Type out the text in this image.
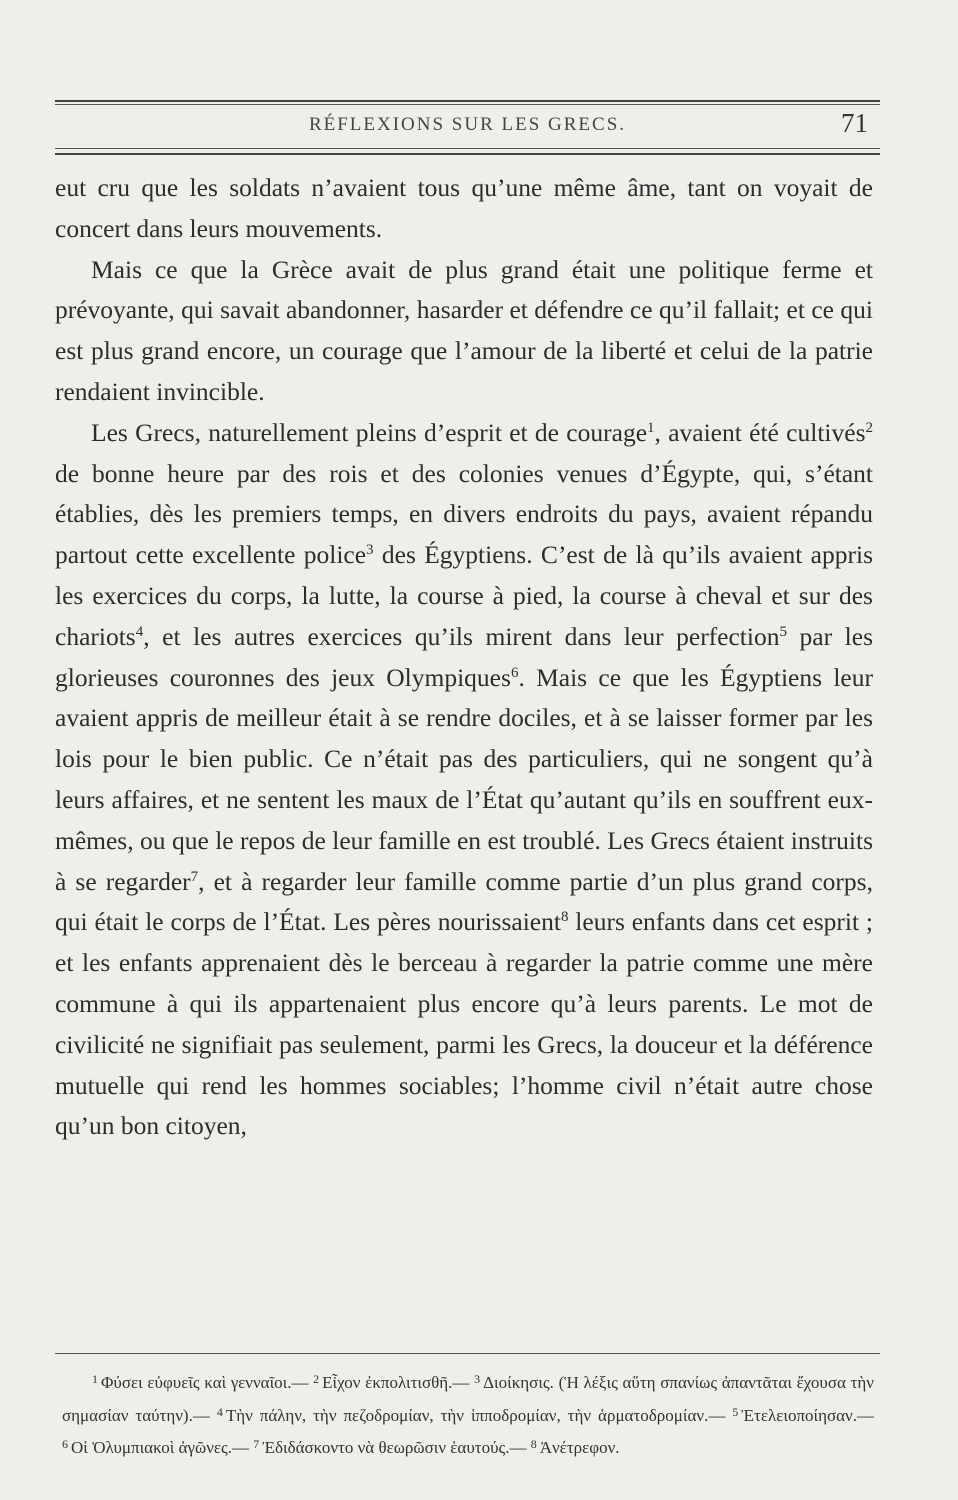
RÉFLEXIONS SUR LES GRECS.	71

eut cru que les soldats n’avaient tous qu’une même âme, tant on voyait de concert dans leurs mouvements.

Mais ce que la Grèce avait de plus grand était une politique ferme et prévoyante, qui savait abandonner, hasarder et défendre ce qu’il fallait; et ce qui est plus grand encore, un courage que l’amour de la liberté et celui de la patrie rendaient invincible.

Les Grecs, naturellement pleins d’esprit et de courage$^1$, avaient été cultivés$^2$ de bonne heure par des rois et des colonies venues d’Égypte, qui, s’étant établies, dès les premiers temps, en divers endroits du pays, avaient répandu partout cette excellente police$^3$ des Égyptiens. C’est de là qu’ils avaient appris les exercices du corps, la lutte, la course à pied, la course à cheval et sur des chariots$^4$, et les autres exercices qu’ils mirent dans leur perfection$^5$ par les glorieuses couronnes des jeux Olympiques$^6$. Mais ce que les Égyptiens leur avaient appris de meilleur était à se rendre dociles, et à se laisser former par les lois pour le bien public. Ce n’était pas des particuliers, qui ne songent qu’à leurs affaires, et ne sentent les maux de l’État qu’autant qu’ils en souffrent eux-mêmes, ou que le repos de leur famille en est troublé. Les Grecs étaient instruits à se regarder$^7$, et à regarder leur famille comme partie d’un plus grand corps, qui était le corps de l’État. Les pères nourissaient$^8$ leurs enfants dans cet esprit ; et les enfants apprenaient dès le berceau à regarder la patrie comme une mère commune à qui ils appartenaient plus encore qu’à leurs parents. Le mot de civilicité ne signifiait pas seulement, parmi les Grecs, la douceur et la déférence mutuelle qui rend les hommes sociables; l’homme civil n’était autre chose qu’un bon citoyen,

$^1$ Φύσει εὐφυεῖς καὶ γενναῖοι.— $^2$ Εἶχον ἐκπολιτισθῆ.— $^3$ Διοίκησις. (Ἡ λέξις αὕτη σπανίως ἀπαντᾶται ἔχουσα τὴν σημασίαν ταύτην).— $^4$ Τὴν πάλην, τὴν πεζοδρομίαν, τὴν ἱπποδρομίαν, τὴν ἁρματοδρομίαν.— $^5$ Ἐτελειοποίησαν.— $^6$ Οἱ Ὀλυμπιακοὶ ἀγῶνες.— $^7$ Ἐδιδάσκοντο νὰ θεωρῶσιν ἑαυτούς.— $^8$ Ἀνέτρεφον.
